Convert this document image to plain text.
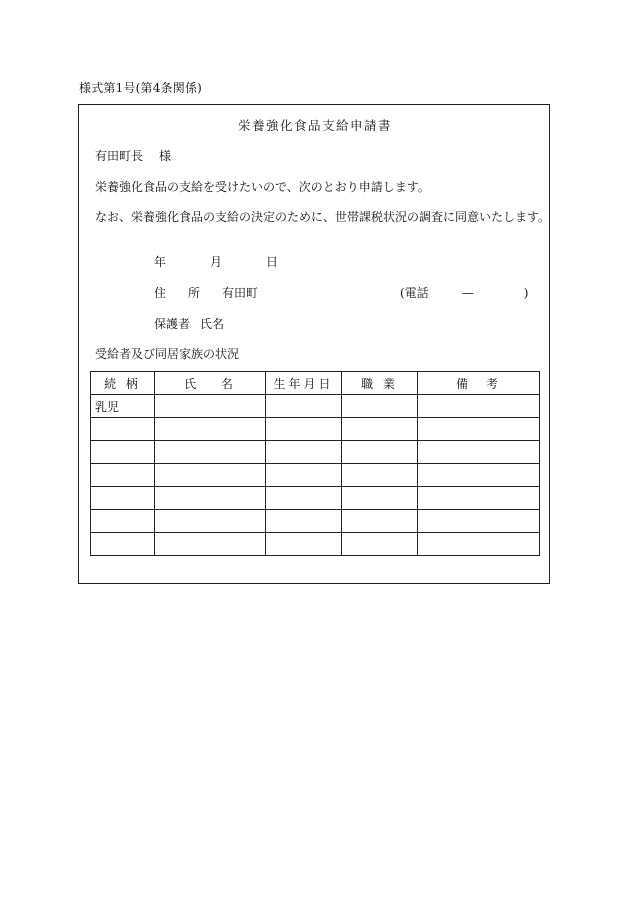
様式第1号(第4条関係)
栄養強化食品支給申請書
有田町長 様
栄養強化食品の支給を受けたいので、次のとおり申請します。
なお、栄養強化食品の支給の決定のために、世帯課税状況の調査に同意いたします。
年	月	日
住 所 有田町	(電話	—	)
保護者 氏名
受給者及び同居家族の状況
続 柄	氏　 名	生年月日	職 業	備　考
乳児				
